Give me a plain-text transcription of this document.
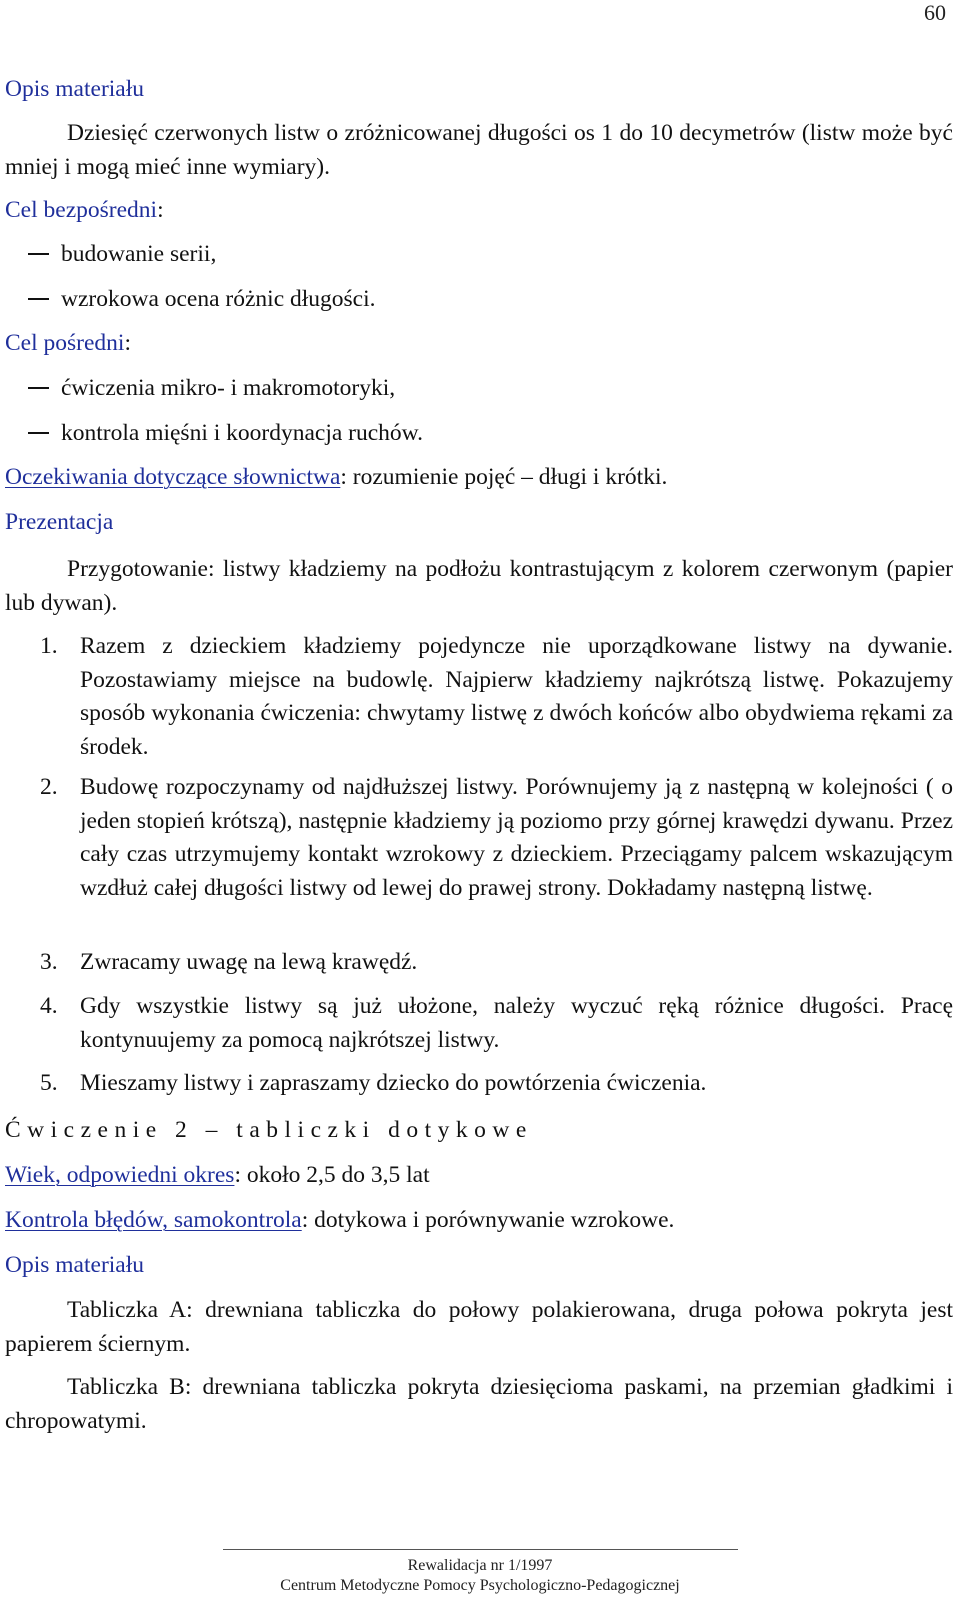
60
Opis materiału
Dziesięć czerwonych listw o zróżnicowanej długości os 1 do 10 decymetrów (listw może być mniej i mogą mieć inne wymiary).
Cel bezpośredni:
budowanie serii,
wzrokowa ocena różnic długości.
Cel pośredni:
ćwiczenia mikro- i makromotoryki,
kontrola mięśni i koordynacja ruchów.
Oczekiwania dotyczące słownictwa: rozumienie pojęć – długi i krótki.
Prezentacja
Przygotowanie: listwy kładziemy na podłożu kontrastującym z kolorem czerwonym (papier lub dywan).
1. Razem z dzieckiem kładziemy pojedyncze nie uporządkowane listwy na dywanie. Pozostawiamy miejsce na budowlę. Najpierw kładziemy najkrótszą listwę. Pokazujemy sposób wykonania ćwiczenia: chwytamy listwę z dwóch końców albo obydwiema rękami za środek.
2. Budowę rozpoczynamy od najdłuższej listwy. Porównujemy ją z następną w kolejności ( o jeden stopień krótszą), następnie kładziemy ją poziomo przy górnej krawędzi dywanu. Przez cały czas utrzymujemy kontakt wzrokowy z dzieckiem. Przeciągamy palcem wskazującym wzdłuż całej długości listwy od lewej do prawej strony. Dokładamy następną listwę.
3. Zwracamy uwagę na lewą krawędź.
4. Gdy wszystkie listwy są już ułożone, należy wyczuć ręką różnice długości. Pracę kontynuujemy za pomocą najkrótszej listwy.
5. Mieszamy listwy i zapraszamy dziecko do powtórzenia ćwiczenia.
Ćwiczenie 2 – tabliczki dotykowe
Wiek, odpowiedni okres: około 2,5 do 3,5 lat
Kontrola błędów, samokontrola: dotykowa i porównywanie wzrokowe.
Opis materiału
Tabliczka A: drewniana tabliczka do połowy polakierowana, druga połowa pokryta jest papierem ściernym.
Tabliczka B: drewniana tabliczka pokryta dziesięcioma paskami, na przemian gładkimi i chropowatymi.
Rewalidacja nr 1/1997
Centrum Metodyczne Pomocy Psychologiczno-Pedagogicznej
